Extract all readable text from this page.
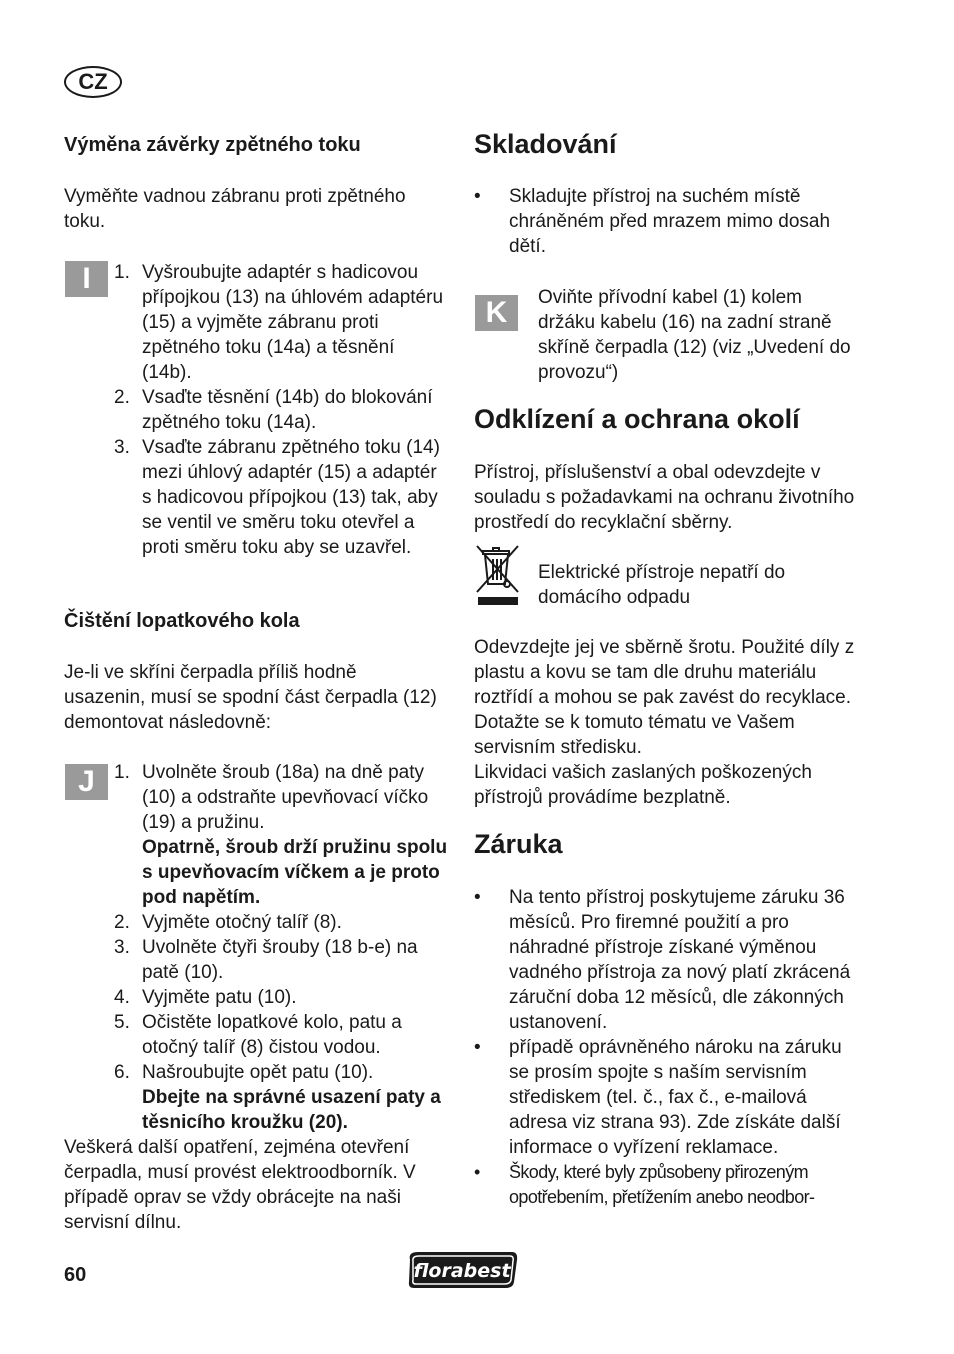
CZ
Výměna závěrky zpětného toku

Vyměňte vadnou zábranu proti zpětného toku.

I	1. Vyšroubujte adaptér s hadicovou přípojkou (13) na úhlovém adaptéru (15) a vyjměte zábranu proti zpětného toku (14a) a těsnění (14b).
2. Vsaďte těsnění (14b) do blokování zpětného toku (14a).
3. Vsaďte zábranu zpětného toku (14) mezi úhlový adaptér (15) a adaptér s hadicovou přípojkou (13) tak, aby se ventil ve směru toku otevřel a proti směru toku aby se uzavřel.
Čištění lopatkového kola

Je-li ve skříni čerpadla příliš hodně usazenin, musí se spodní část čerpadla (12) demontovat následovně:

J	1. Uvolněte šroub (18a) na dně paty (10) a odstraňte upevňovací víčko (19) a pružinu.
Opatrně, šroub drží pružinu spolu s upevňovacím víčkem a je proto pod napětím.
2. Vyjměte otočný talíř (8).
3. Uvolněte čtyři šrouby (18 b-e) na patě (10).
4. Vyjměte patu (10).
5. Očistěte lopatkové kolo, patu a otočný talíř (8) čistou vodou.
6. Našroubujte opět patu (10).
Dbejte na správné usazení paty a těsnicího kroužku (20).

Veškerá další opatření, zejména otevření čerpadla, musí provést elektroodborník. V případě oprav se vždy obrácejte na naši servisní dílnu.

Skladování
• Skladujte přístroj na suchém místě chráněném před mrazem mimo dosah dětí.
K	Oviňte přívodní kabel (1) kolem držáku kabelu (16) na zadní straně skříně čerpadla (12) (viz „Uvedení do provozu“)

Odklízení a ochrana okolí

Přístroj, příslušenství a obal odevzdejte v souladu s požadavkami na ochranu životního prostředí do recyklační sběrny.

Elektrické přístroje nepatří do domácího odpadu

Odevzdejte jej ve sběrně šrotu. Použité díly z plastu a kovu se tam dle druhu materiálu roztřídí a mohou se pak zavést do recyklace. Dotažte se k tomuto tématu ve Vašem servisním středisku.

Likvidaci vašich zaslaných poškozených přístrojů provádíme bezplatně.

Záruka
• Na tento přístroj poskytujeme záruku 36 měsíců. Pro firemné použití a pro náhradné přístroje získané výměnou vadného přístroja za nový platí zkrácená záruční doba 12 měsíců, dle zákonných ustanovení.
• případě oprávněného nároku na záruku se prosím spojte s naším servisním střediskem (tel. č., fax č., e-mailová adresa viz strana 93). Zde získáte další informace o vyřízení reklamace.
• Škody, které byly způsobeny přirozeným opotřebením, přetížením anebo neodbor-
60	florabest
